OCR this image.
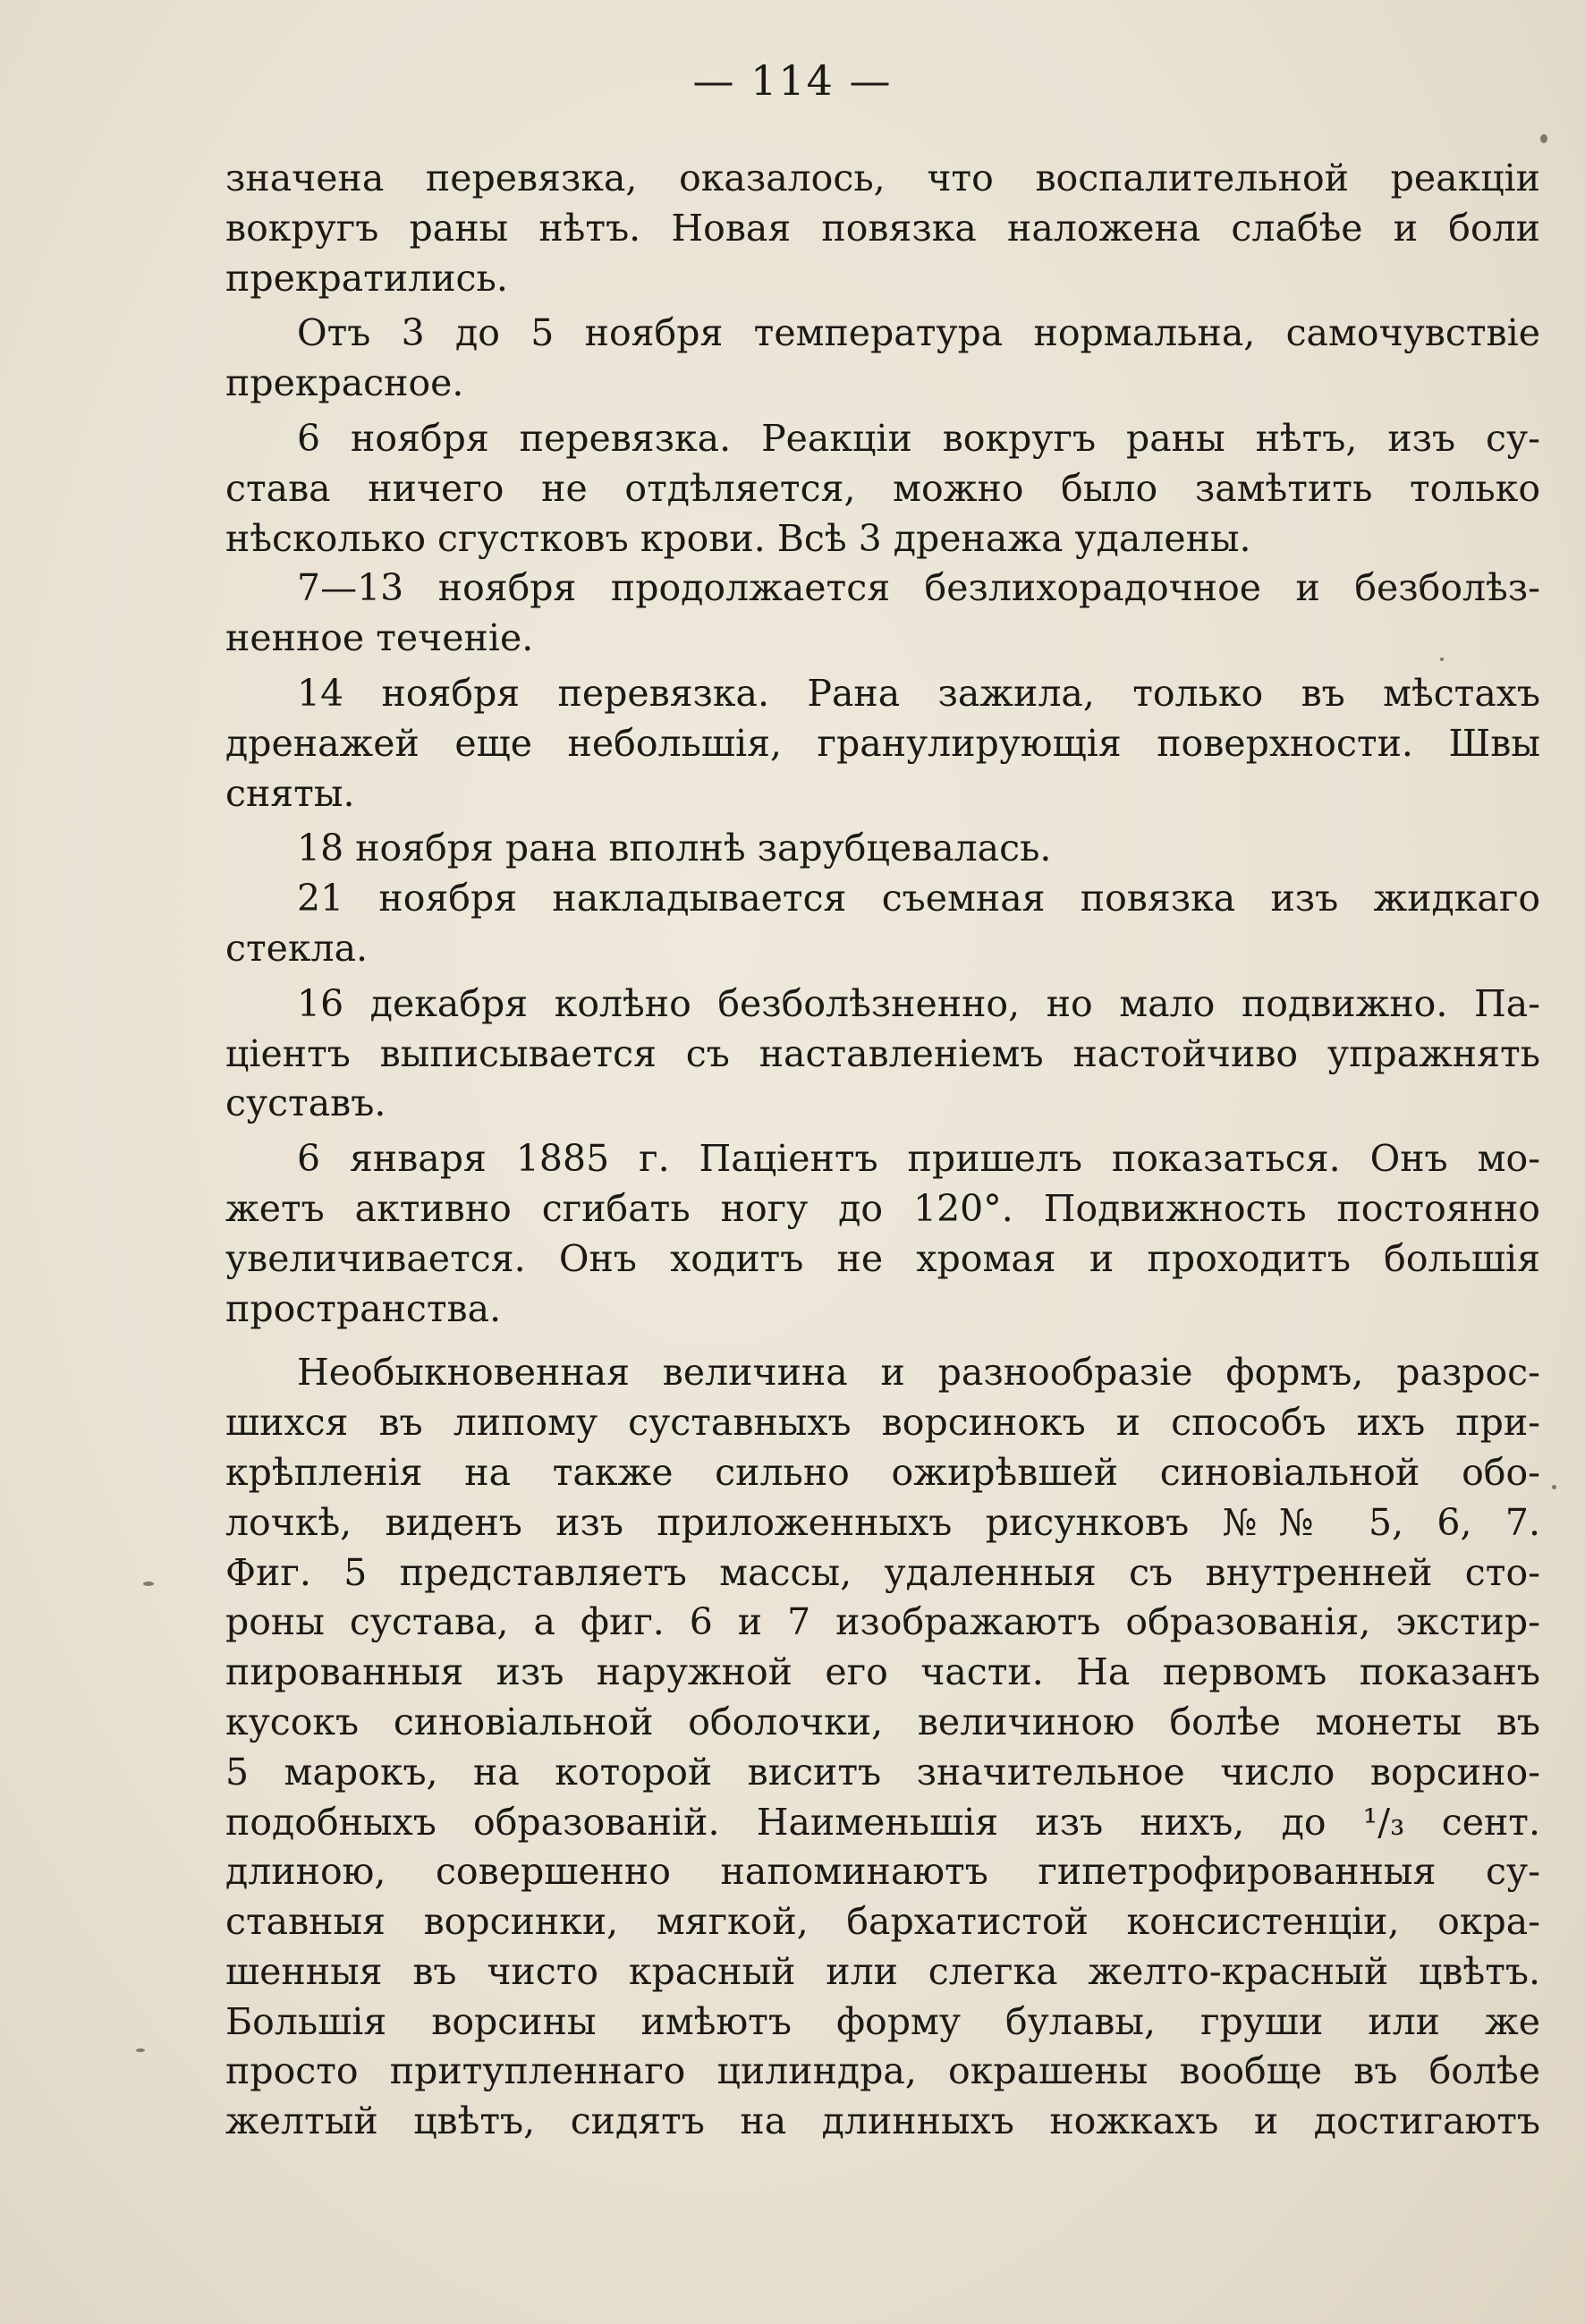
— 114 —
значена перевязка, оказалось, что воспалительной реакціи
вокругъ раны нѣтъ. Новая повязка наложена слабѣе и боли
прекратились.
Отъ 3 до 5 ноября температура нормальна, самочувствіе
прекрасное.
6 ноября перевязка. Реакціи вокругъ раны нѣтъ, изъ су-
става ничего не отдѣляется, можно было замѣтить только
нѣсколько сгустковъ крови. Всѣ 3 дренажа удалены.
7—13 ноября продолжается безлихорадочное и безболѣз-
ненное теченіе.
14 ноября перевязка. Рана зажила, только въ мѣстахъ
дренажей еще небольшія, гранулирующія поверхности. Швы
сняты.
18 ноября рана вполнѣ зарубцевалась.
21 ноября накладывается съемная повязка изъ жидкаго
стекла.
16 декабря колѣно безболѣзненно, но мало подвижно. Па-
ціентъ выписывается съ наставленіемъ настойчиво упражнять
суставъ.
6 января 1885 г. Паціентъ пришелъ показаться. Онъ мо-
жетъ активно сгибать ногу до 120°. Подвижность постоянно
увеличивается. Онъ ходитъ не хромая и проходитъ большія
пространства.
Необыкновенная величина и разнообразіе формъ, разрос-
шихся въ липому суставныхъ ворсинокъ и способъ ихъ при-
крѣпленія на также сильно ожирѣвшей синовіальной обо-
лочкѣ, виденъ изъ приложенныхъ рисунковъ №№ 5, 6, 7.
Фиг. 5 представляетъ массы, удаленныя съ внутренней сто-
роны сустава, а фиг. 6 и 7 изображаютъ образованія, экстир-
пированныя изъ наружной его части. На первомъ показанъ
кусокъ синовіальной оболочки, величиною болѣе монеты въ
5 марокъ, на которой виситъ значительное число ворсино-
подобныхъ образованій. Наименьшія изъ нихъ, до ¹/₃ сент.
длиною, совершенно напоминаютъ гипетрофированныя су-
ставныя ворсинки, мягкой, бархатистой консистенціи, окра-
шенныя въ чисто красный или слегка желто-красный цвѣтъ.
Большія ворсины имѣютъ форму булавы, груши или же
просто притупленнаго цилиндра, окрашены вообще въ болѣе
желтый цвѣтъ, сидятъ на длинныхъ ножкахъ и достигаютъ
